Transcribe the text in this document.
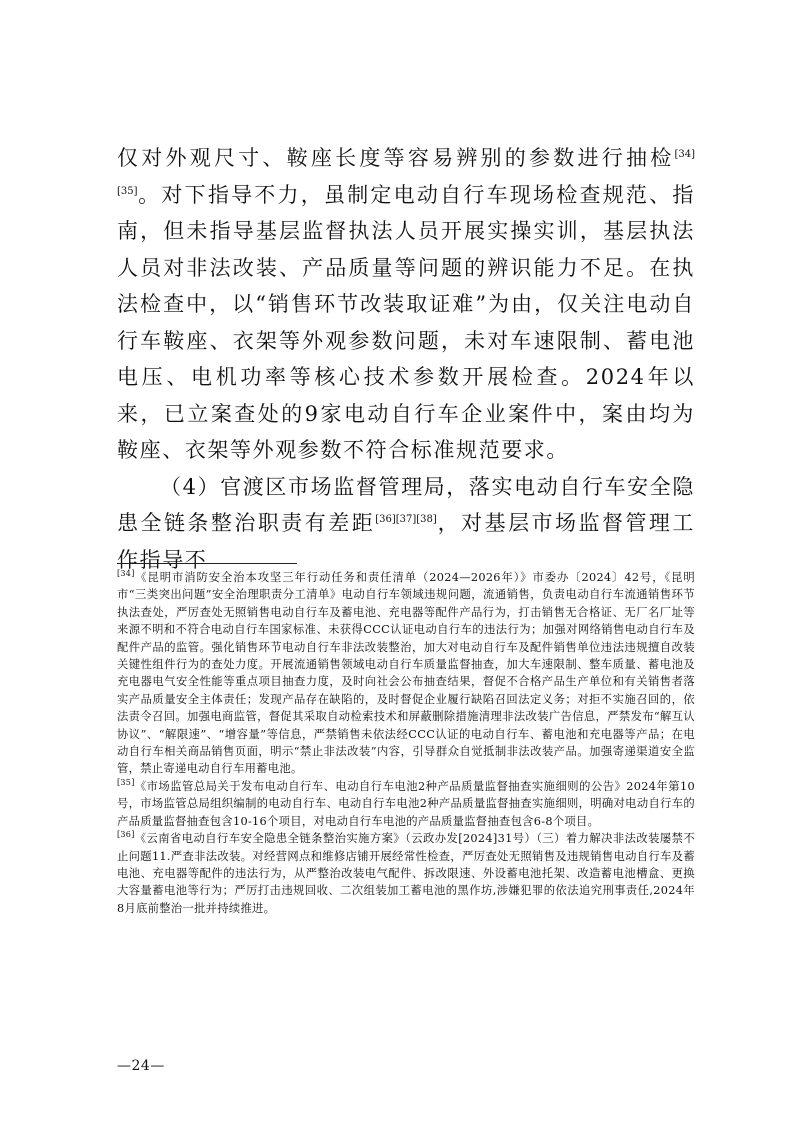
仅对外观尺寸、鞍座长度等容易辨别的参数进行抽检[34][35]。对下指导不力，虽制定电动自行车现场检查规范、指南，但未指导基层监督执法人员开展实操实训，基层执法人员对非法改装、产品质量等问题的辨识能力不足。在执法检查中，以“销售环节改装取证难”为由，仅关注电动自行车鞍座、衣架等外观参数问题，未对车速限制、蓄电池电压、电机功率等核心技术参数开展检查。2024年以来，已立案查处的9家电动自行车企业案件中，案由均为鞍座、衣架等外观参数不符合标准规范要求。

（4）官渡区市场监督管理局，落实电动自行车安全隐患全链条整治职责有差距[36][37][38]，对基层市场监督管理工作指导不

[34]《昆明市消防安全治本攻坚三年行动任务和责任清单（2024—2026年）》市委办〔2024〕42号，《昆明市“三类突出问题”安全治理职责分工清单》电动自行车领域违规问题，流通销售，负责电动自行车流通销售环节执法查处，严厉查处无照销售电动自行车及蓄电池、充电器等配件产品行为，打击销售无合格证、无厂名厂址等来源不明和不符合电动自行车国家标准、未获得CCC认证电动自行车的违法行为；加强对网络销售电动自行车及配件产品的监管。强化销售环节电动自行车非法改装整治，加大对电动自行车及配件销售单位违法违规擅自改装关键性组件行为的查处力度。开展流通销售领域电动自行车质量监督抽查，加大车速限制、整车质量、蓄电池及充电器电气安全性能等重点项目抽查力度，及时向社会公布抽查结果，督促不合格产品生产单位和有关销售者落实产品质量安全主体责任；发现产品存在缺陷的，及时督促企业履行缺陷召回法定义务；对拒不实施召回的，依法责令召回。加强电商监管，督促其采取自动检索技术和屏蔽删除措施清理非法改装广告信息，严禁发布“解互认协议”、“解限速”、“增容量”等信息，严禁销售未依法经CCC认证的电动自行车、蓄电池和充电器等产品；在电动自行车相关商品销售页面，明示“禁止非法改装”内容，引导群众自觉抵制非法改装产品。加强寄递渠道安全监管，禁止寄递电动自行车用蓄电池。

[35]《市场监管总局关于发布电动自行车、电动自行车电池2种产品质量监督抽查实施细则的公告》2024年第10号，市场监管总局组织编制的电动自行车、电动自行车电池2种产品质量监督抽查实施细则，明确对电动自行车的产品质量监督抽查包含10-16个项目，对电动自行车电池的产品质量监督抽查包含6-8个项目。

[36]《云南省电动自行车安全隐患全链条整治实施方案》（云政办发[2024]31号）（三）着力解决非法改装屡禁不止问题11.严查非法改装。对经营网点和维修店铺开展经常性检查，严厉查处无照销售及违规销售电动自行车及蓄电池、充电器等配件的违法行为，从严整治改装电气配件、拆改限速、外设蓄电池托架、改造蓄电池槽盒、更换大容量蓄电池等行为；严厉打击违规回收、二次组装加工蓄电池的黑作坊,涉嫌犯罪的依法追究刑事责任,2024年8月底前整治一批并持续推进。

—24—
